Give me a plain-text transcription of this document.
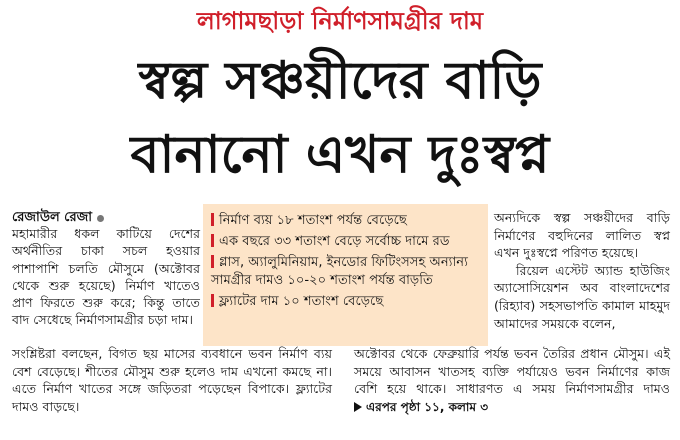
লাগামছাড়া নির্মাণসামগ্রীর দাম
স্বল্প সঞ্চয়ীদের বাড়ি
বানানো এখন দুঃস্বপ্ন
রেজাউল রেজা

মহামারীর ধকল কাটিয়ে দেশের অর্থনীতির চাকা সচল হওয়ার পাশাপাশি চলতি মৌসুমে (অক্টোবর থেকে শুরু হয়েছে) নির্মাণ খাতেও প্রাণ ফিরতে শুরু করে; কিন্তু তাতে বাদ সেধেছে নির্মাণসামগ্রীর চড়া দাম।

নির্মাণ ব্যয় ১৮ শতাংশ পর্যন্ত বেড়েছে

এক বছরে ৩৩ শতাংশ বেড়ে সর্বোচ্চ দামে রড

গ্লাস, অ্যালুমিনিয়াম, ইনডোর ফিটিংসসহ অন্যান্য সামগ্রীর দামও ১০-২০ শতাংশ পর্যন্ত বাড়তি

ফ্ল্যাটের দাম ১০ শতাংশ বেড়েছে

অন্যদিকে স্বল্প সঞ্চয়ীদের বাড়ি নির্মাণের বহুদিনের লালিত স্বপ্ন এখন দুঃস্বপ্নে পরিণত হয়েছে।

রিয়েল এস্টেট অ্যান্ড হাউজিং অ্যাসোসিয়েশন অব বাংলাদেশের (রিহ্যাব) সহসভাপতি কামাল মাহমুদ আমাদের সময়কে বলেন,

সংশ্লিষ্টরা বলছেন, বিগত ছয় মাসের ব্যবধানে ভবন নির্মাণ ব্যয় বেশ বেড়েছে। শীতের মৌসুম শুরু হলেও দাম এখনো কমছে না। এতে নির্মাণ খাতের সঙ্গে জড়িতরা পড়েছেন বিপাকে। ফ্ল্যাটের দামও বাড়ছে।

অক্টোবর থেকে ফেব্রুয়ারি পর্যন্ত ভবন তৈরির প্রধান মৌসুম। এই সময়ে আবাসন খাতসহ ব্যক্তি পর্যায়েও ভবন নির্মাণের কাজ বেশি হয়ে থাকে। সাধারণত এ সময় নির্মাণসামগ্রীর দামও এরপর পৃষ্ঠা ১১, কলাম ৩
